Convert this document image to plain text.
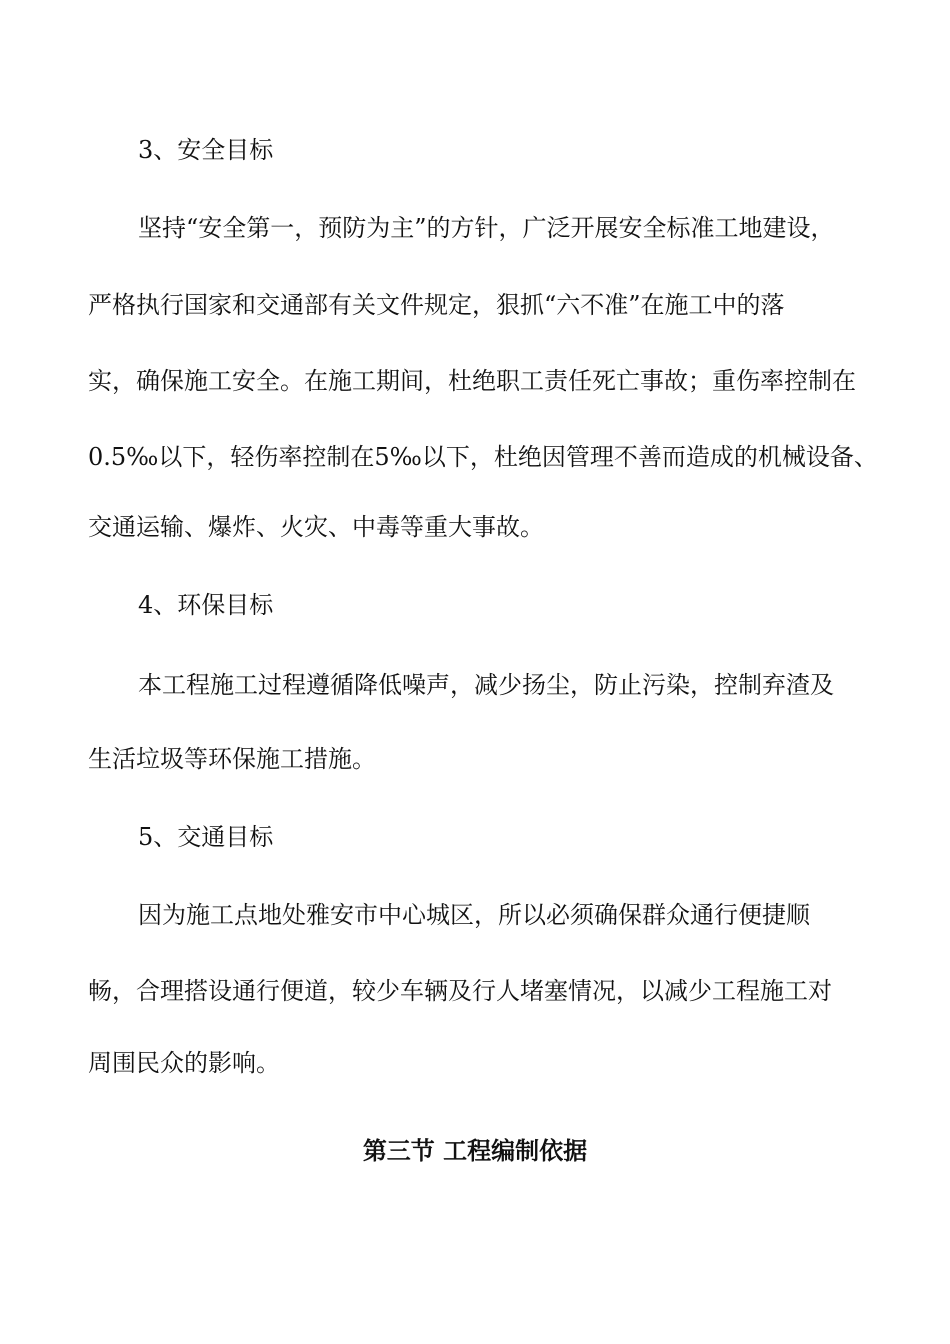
3、安全目标
坚持“安全第一，预防为主”的方针，广泛开展安全标准工地建设，
严格执行国家和交通部有关文件规定，狠抓“六不准”在施工中的落
实，确保施工安全。在施工期间，杜绝职工责任死亡事故；重伤率控制在
0.5‰以下，轻伤率控制在5‰以下，杜绝因管理不善而造成的机械设备、
交通运输、爆炸、火灾、中毒等重大事故。
4、环保目标
本工程施工过程遵循降低噪声，减少扬尘，防止污染，控制弃渣及
生活垃圾等环保施工措施。
5、交通目标
因为施工点地处雅安市中心城区，所以必须确保群众通行便捷顺
畅，合理搭设通行便道，较少车辆及行人堵塞情况，以减少工程施工对
周围民众的影响。
第三节 工程编制依据
